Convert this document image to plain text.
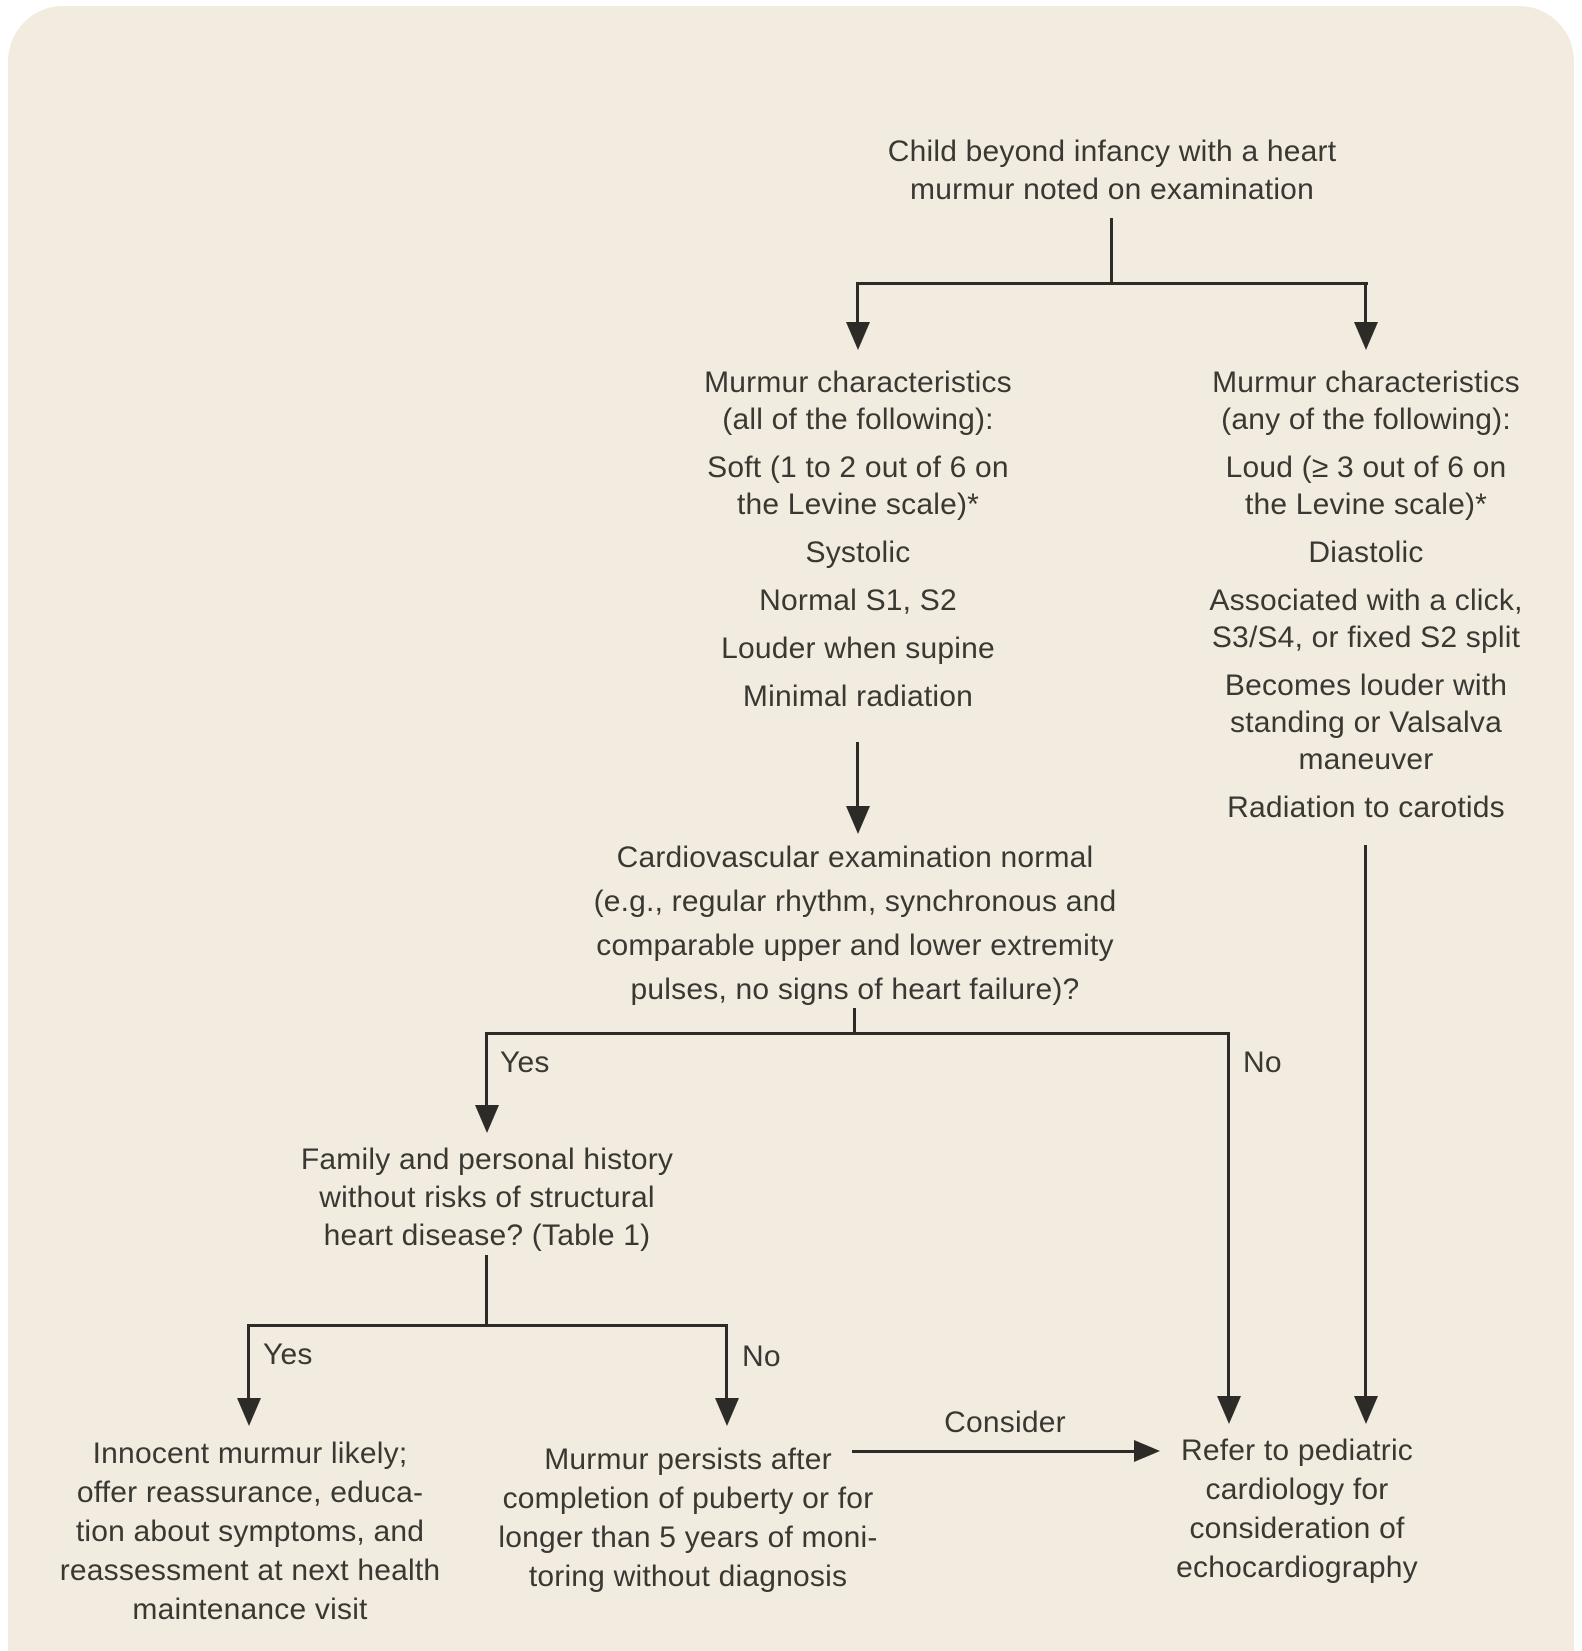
Child beyond infancy with a heart
murmur noted on examination
Murmur characteristics
(all of the following):
Soft (1 to 2 out of 6 on
the Levine scale)*
Systolic
Normal S1, S2
Louder when supine
Minimal radiation
Murmur characteristics
(any of the following):
Loud (≥ 3 out of 6 on
the Levine scale)*
Diastolic
Associated with a click,
S3/S4, or fixed S2 split
Becomes louder with
standing or Valsalva
maneuver
Radiation to carotids
Cardiovascular examination normal
(e.g., regular rhythm, synchronous and
comparable upper and lower extremity
pulses, no signs of heart failure)?
Yes	No
Family and personal history
without risks of structural
heart disease? (Table 1)
Yes	No
Innocent murmur likely;
offer reassurance, educa-
tion about symptoms, and
reassessment at next health
maintenance visit
Murmur persists after
completion of puberty or for
longer than 5 years of moni-
toring without diagnosis
Consider
Refer to pediatric
cardiology for
consideration of
echocardiography
